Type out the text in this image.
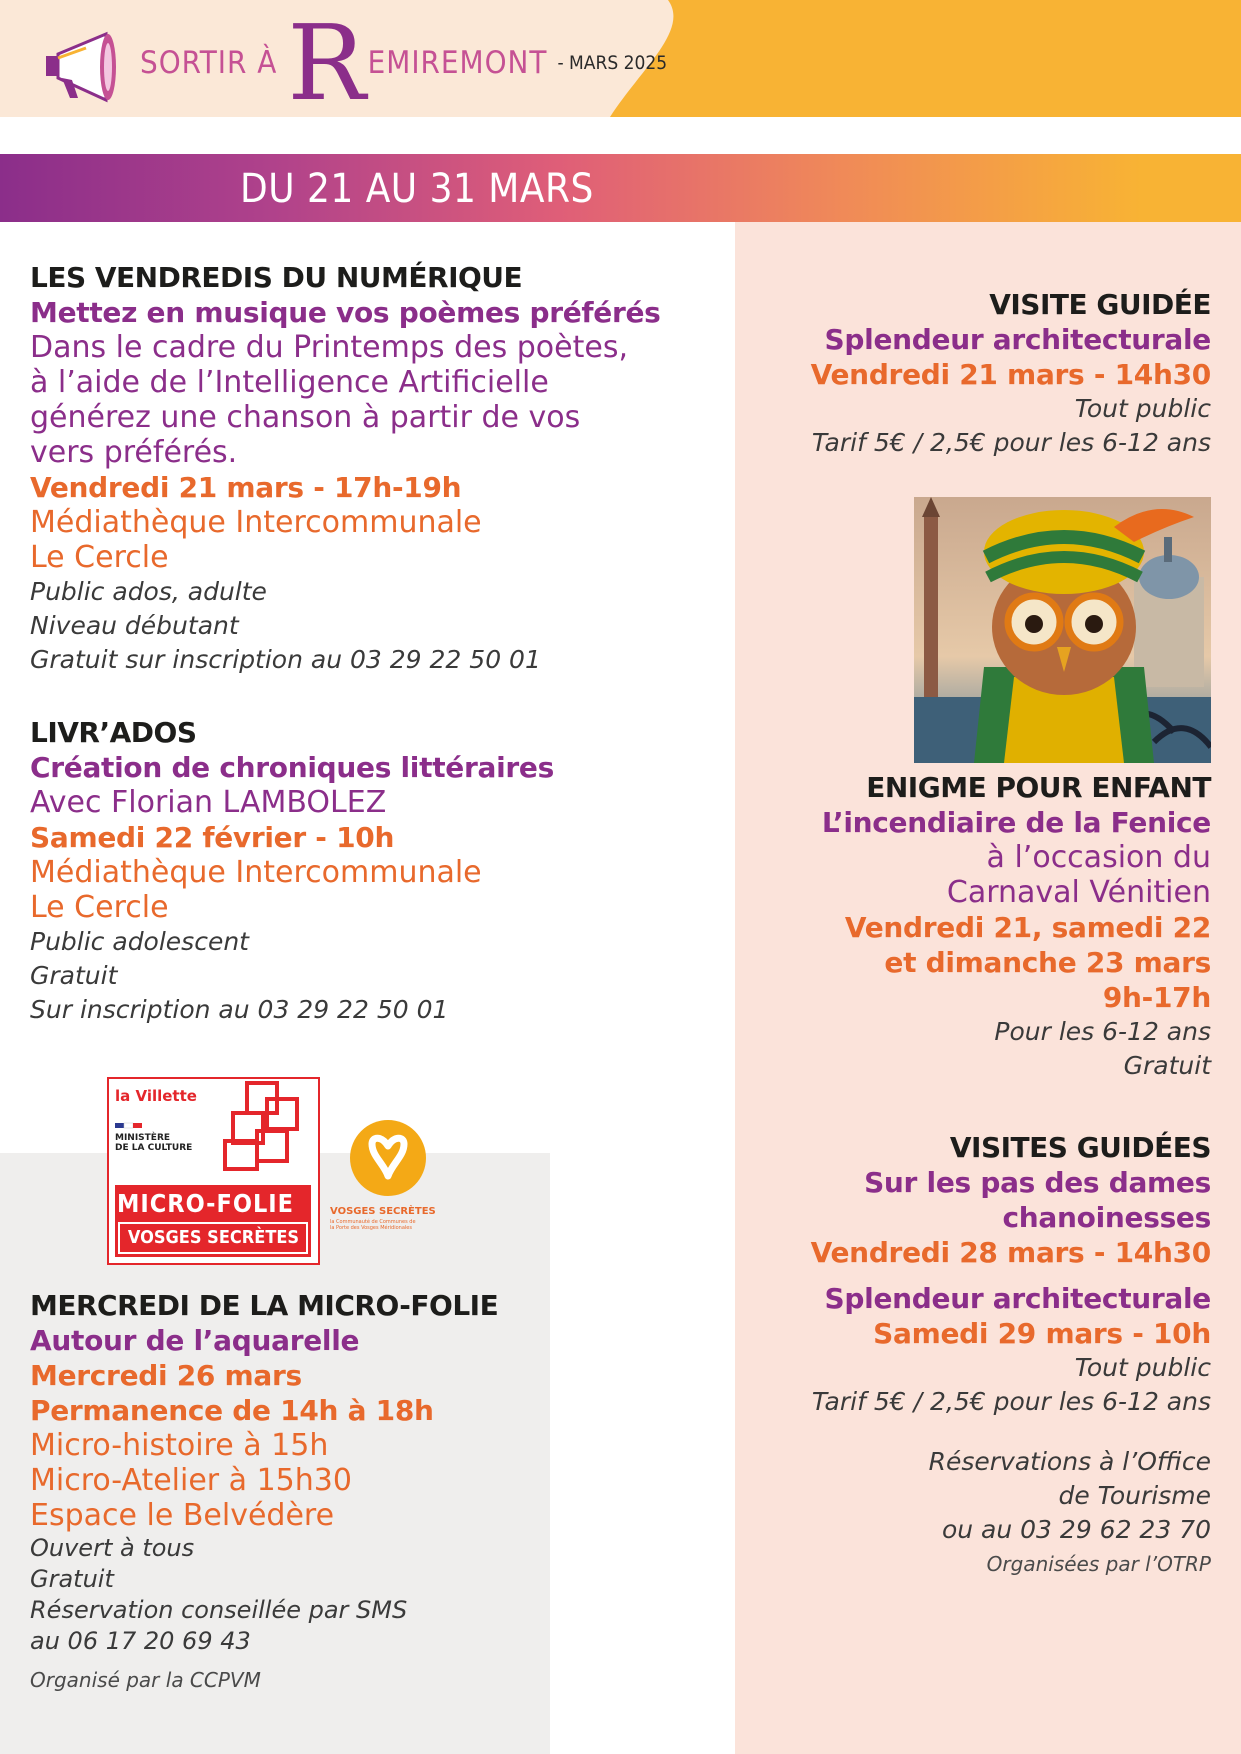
SORTIR À R EMIREMONT - MARS 2025
DU 21 AU 31 MARS
LES VENDREDIS DU NUMÉRIQUE
Mettez en musique vos poèmes préférés
Dans le cadre du Printemps des poètes,
à l’aide de l’Intelligence Artificielle
générez une chanson à partir de vos
vers préférés.
Vendredi 21 mars - 17h-19h
Médiathèque Intercommunale
Le Cercle
Public ados, adulte
Niveau débutant
Gratuit sur inscription au 03 29 22 50 01
LIVR’ADOS
Création de chroniques littéraires
Avec Florian LAMBOLEZ
Samedi 22 février - 10h
Médiathèque Intercommunale
Le Cercle
Public adolescent
Gratuit
Sur inscription au 03 29 22 50 01
la Villette
MINISTÈRE
DE LA CULTURE
MICRO-FOLIE
VOSGES SECRÈTES
VOSGES SECRÈTES
la Communauté de Communes de
la Porte des Vosges Méridionales
MERCREDI DE LA MICRO-FOLIE
Autour de l’aquarelle
Mercredi 26 mars
Permanence de 14h à 18h
Micro-histoire à 15h
Micro-Atelier à 15h30
Espace le Belvédère
Ouvert à tous
Gratuit
Réservation conseillée par SMS
au 06 17 20 69 43
Organisé par la CCPVM
VISITE GUIDÉE
Splendeur architecturale
Vendredi 21 mars - 14h30
Tout public
Tarif 5€ / 2,5€ pour les 6-12 ans
ENIGME POUR ENFANT
L’incendiaire de la Fenice
à l’occasion du
Carnaval Vénitien
Vendredi 21, samedi 22
et dimanche 23 mars
9h-17h
Pour les 6-12 ans
Gratuit
VISITES GUIDÉES
Sur les pas des dames
chanoinesses
Vendredi 28 mars - 14h30
Splendeur architecturale
Samedi 29 mars - 10h
Tout public
Tarif 5€ / 2,5€ pour les 6-12 ans
Réservations à l’Office
de Tourisme
ou au 03 29 62 23 70
Organisées par l’OTRP
